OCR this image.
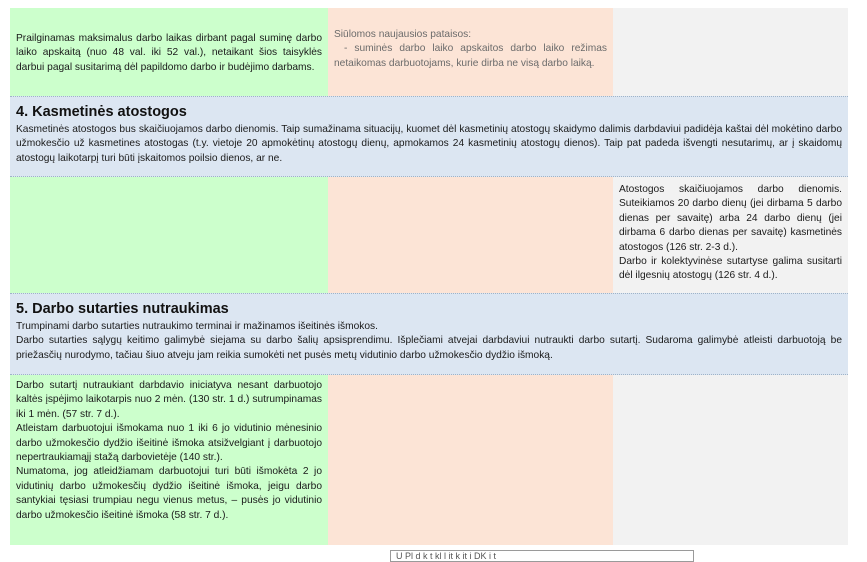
Prailginamas maksimalus darbo laikas dirbant pagal suminę darbo laiko apskaitą (nuo 48 val. iki 52 val.), netaikant šios taisyklės darbui pagal susitarimą dėl papildomo darbo ir budėjimo darbams.

Siūlomos naujausios pataisos:

- suminės darbo laiko apskaitos darbo laiko režimas netaikomas darbuotojams, kurie dirba ne visą darbo laiką.

4. Kasmetinės atostogos

Kasmetinės atostogos bus skaičiuojamos darbo dienomis. Taip sumažinama situacijų, kuomet dėl kasmetinių atostogų skaidymo dalimis darbdaviui padidėja kaštai dėl mokėtino darbo užmokesčio už kasmetines atostogas (t.y. vietoje 20 apmokėtinų atostogų dienų, apmokamos 24 kasmetinių atostogų dienos). Taip pat padeda išvengti nesutarimų, ar į skaidomų atostogų laikotarpį turi būti įskaitomos poilsio dienos, ar ne.

Atostogos skaičiuojamos darbo dienomis. Suteikiamos 20 darbo dienų (jei dirbama 5 darbo dienas per savaitę) arba 24 darbo dienų (jei dirbama 6 darbo dienas per savaitę) kasmetinės atostogos (126 str. 2-3 d.).

Darbo ir kolektyvinėse sutartyse galima susitarti dėl ilgesnių atostogų (126 str. 4 d.).

5. Darbo sutarties nutraukimas

Trumpinami darbo sutarties nutraukimo terminai ir mažinamos išeitinės išmokos.

Darbo sutarties sąlygų keitimo galimybė siejama su darbo šalių apsisprendimu. Išplečiami atvejai darbdaviui nutraukti darbo sutartį. Sudaroma galimybė atleisti darbuotoją be priežasčių nurodymo, tačiau šiuo atveju jam reikia sumokėti net pusės metų vidutinio darbo užmokesčio dydžio išmoką.

Darbo sutartį nutraukiant darbdavio iniciatyva nesant darbuotojo kaltės įspėjimo laikotarpis nuo 2 mėn. (130 str. 1 d.) sutrumpinamas iki 1 mėn. (57 str. 7 d.).

Atleistam darbuotojui išmokama nuo 1 iki 6 jo vidutinio mėnesinio darbo užmokesčio dydžio išeitinė išmoka atsižvelgiant į darbuotojo nepertraukiamąjį stažą darbovietėje (140 str.).

Numatoma, jog atleidžiamam darbuotojui turi būti išmokėta 2 jo vidutinių darbo užmokesčių dydžio išeitinė išmoka, jeigu darbo santykiai tęsiasi trumpiau negu vienus metus, – pusės jo vidutinio darbo užmokesčio išeitinė išmoka (58 str. 7 d.).

U Pl d k t kl l it k it i DK i t
